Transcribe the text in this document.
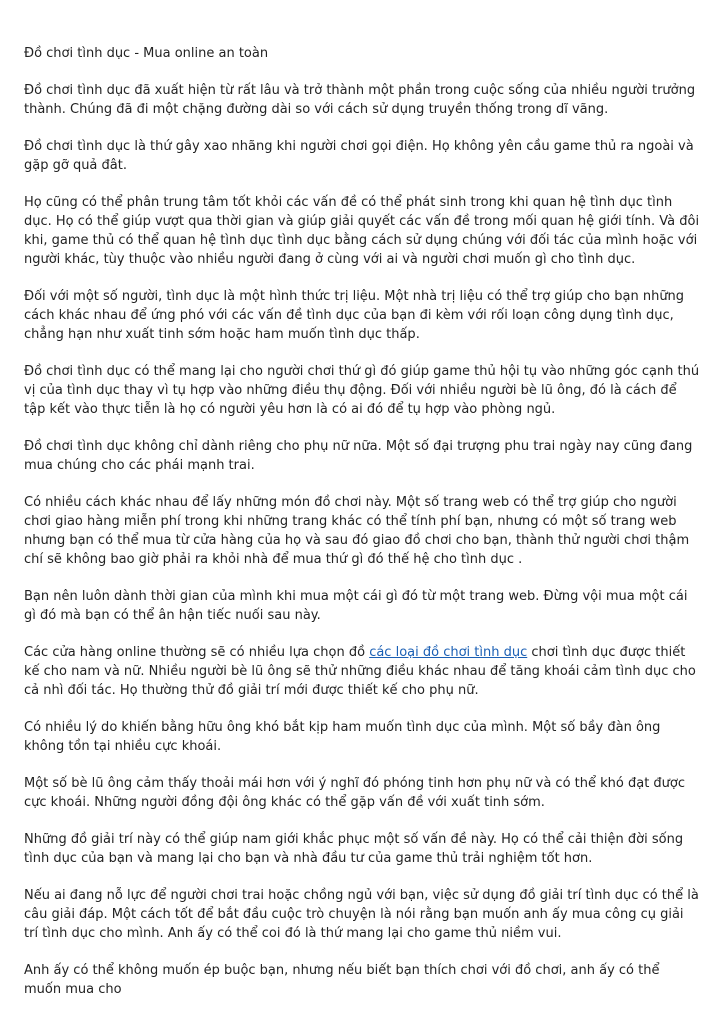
Đồ chơi tình dục - Mua online an toàn

Đồ chơi tình dục đã xuất hiện từ rất lâu và trở thành một phần trong cuộc sống của nhiều người trưởng thành. Chúng đã đi một chặng đường dài so với cách sử dụng truyền thống trong dĩ vãng.

Đồ chơi tình dục là thứ gây xao nhãng khi người chơi gọi điện. Họ không yên cầu game thủ ra ngoài và gặp gỡ quả đât.

Họ cũng có thể phân trung tâm tốt khỏi các vấn đề có thể phát sinh trong khi quan hệ tình dục tình dục. Họ có thể giúp vượt qua thời gian và giúp giải quyết các vấn đề trong mối quan hệ giới tính. Và đôi khi, game thủ có thể quan hệ tình dục tình dục bằng cách sử dụng chúng với đối tác của mình hoặc với người khác, tùy thuộc vào nhiều người đang ở cùng với ai và người chơi muốn gì cho tình dục.

Đối với một số người, tình dục là một hình thức trị liệu. Một nhà trị liệu có thể trợ giúp cho bạn những cách khác nhau để ứng phó với các vấn đề tình dục của bạn đi kèm với rối loạn công dụng tình dục, chẳng hạn như xuất tinh sớm hoặc ham muốn tình dục thấp.

Đồ chơi tình dục có thể mang lại cho người chơi thứ gì đó giúp game thủ hội tụ vào những góc cạnh thú vị của tình dục thay vì tụ hợp vào những điều thụ động. Đối với nhiều người bè lũ ông, đó là cách để tập kết vào thực tiễn là họ có người yêu hơn là có ai đó để tụ hợp vào phòng ngủ.

Đồ chơi tình dục không chỉ dành riêng cho phụ nữ nữa. Một số đại trượng phu trai ngày nay cũng đang mua chúng cho các phái mạnh trai.

Có nhiều cách khác nhau để lấy những món đồ chơi này. Một số trang web có thể trợ giúp cho người chơi giao hàng miễn phí trong khi những trang khác có thể tính phí bạn, nhưng có một số trang web nhưng bạn có thể mua từ cửa hàng của họ và sau đó giao đồ chơi cho bạn, thành thử người chơi thậm chí sẽ không bao giờ phải ra khỏi nhà để mua thứ gì đó thế hệ cho tình dục .

Bạn nên luôn dành thời gian của mình khi mua một cái gì đó từ một trang web. Đừng vội mua một cái gì đó mà bạn có thể ân hận tiếc nuối sau này.

Các cửa hàng online thường sẽ có nhiều lựa chọn đồ các loại đồ chơi tình dục chơi tình dục được thiết kế cho nam và nữ. Nhiều người bè lũ ông sẽ thử những điều khác nhau để tăng khoái cảm tình dục cho cả nhì đối tác. Họ thường thử đồ giải trí mới được thiết kế cho phụ nữ.

Có nhiều lý do khiến bằng hữu ông khó bắt kịp ham muốn tình dục của mình. Một số bầy đàn ông không tồn tại nhiều cực khoái.

Một số bè lũ ông cảm thấy thoải mái hơn với ý nghĩ đó phóng tinh hơn phụ nữ và có thể khó đạt được cực khoái. Những người đồng đội ông khác có thể gặp vấn đề với xuất tinh sớm.

Những đồ giải trí này có thể giúp nam giới khắc phục một số vấn đề này. Họ có thể cải thiện đời sống tình dục của bạn và mang lại cho bạn và nhà đầu tư của game thủ trải nghiệm tốt hơn.

Nếu ai đang nỗ lực để người chơi trai hoặc chồng ngủ với bạn, việc sử dụng đồ giải trí tình dục có thể là câu giải đáp. Một cách tốt để bắt đầu cuộc trò chuyện là nói rằng bạn muốn anh ấy mua công cụ giải trí tình dục cho mình. Anh ấy có thể coi đó là thứ mang lại cho game thủ niềm vui.

Anh ấy có thể không muốn ép buộc bạn, nhưng nếu biết bạn thích chơi với đồ chơi, anh ấy có thể muốn mua cho
